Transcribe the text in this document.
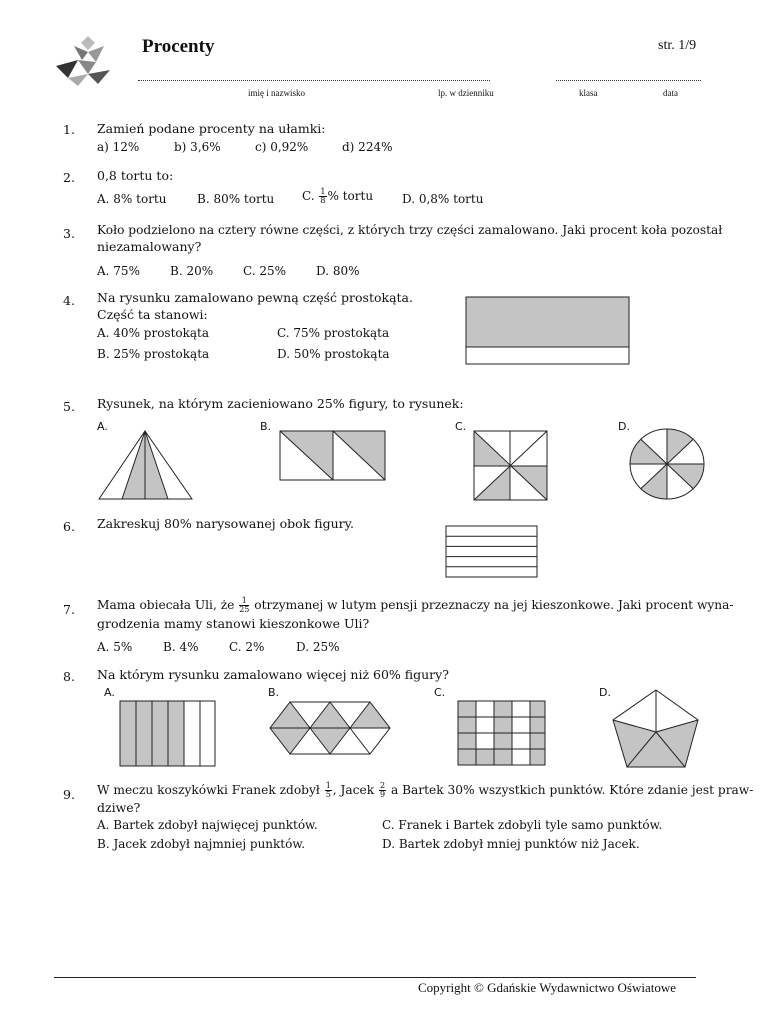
Procenty	str. 1/9
imię i nazwisko	lp. w dzienniku	klasa	data
1. Zamień podane procenty na ułamki:
a) 12%	b) 3,6%	c) 0,92%	d) 224%
2. 0,8 tortu to:
A. 8% tortu	B. 80% tortu C. $\frac{1}{8}$ % tortu D. 0,8% tortu
3. Koło podzielono na cztery równe części, z których trzy części zamalowano. Jaki procent koła pozostał
niezamalowany?
A. 75%	B. 20% C. 25% D. 80%
4. Na rysunku zamalowano pewną część prostokąta.
Część ta stanowi:
A. 40% prostokąta	C. 75% prostokąta
B. 25% prostokąta	D. 50% prostokąta
5. Rysunek, na którym zacieniowano 25% figury, to rysunek:
A.	B.	C.	D.
6. Zakreskuj 80% narysowanej obok figury.
7. Mama obiecała Uli, że $\frac{1}{25}$ otrzymanej w lutym pensji przeznaczy na jej kieszonkowe. Jaki procent wyna-
grodzenia mamy stanowi kieszonkowe Uli?
A. 5%	B. 4%	C. 2%	D. 25%
8. Na którym rysunku zamalowano więcej niż 60% figury?
A.	B.	C.	D.
9. W meczu koszykówki Franek zdobył $\frac{1}{5}$ , Jacek $\frac{2}{9}$ a Bartek 30% wszystkich punktów. Które zdanie jest praw-
dziwe?
A. Bartek zdobył najwięcej punktów.	C. Franek i Bartek zdobyli tyle samo punktów.
B. Jacek zdobył najmniej punktów.	D. Bartek zdobył mniej punktów niż Jacek.
Copyright © Gdańskie Wydawnictwo Oświatowe
